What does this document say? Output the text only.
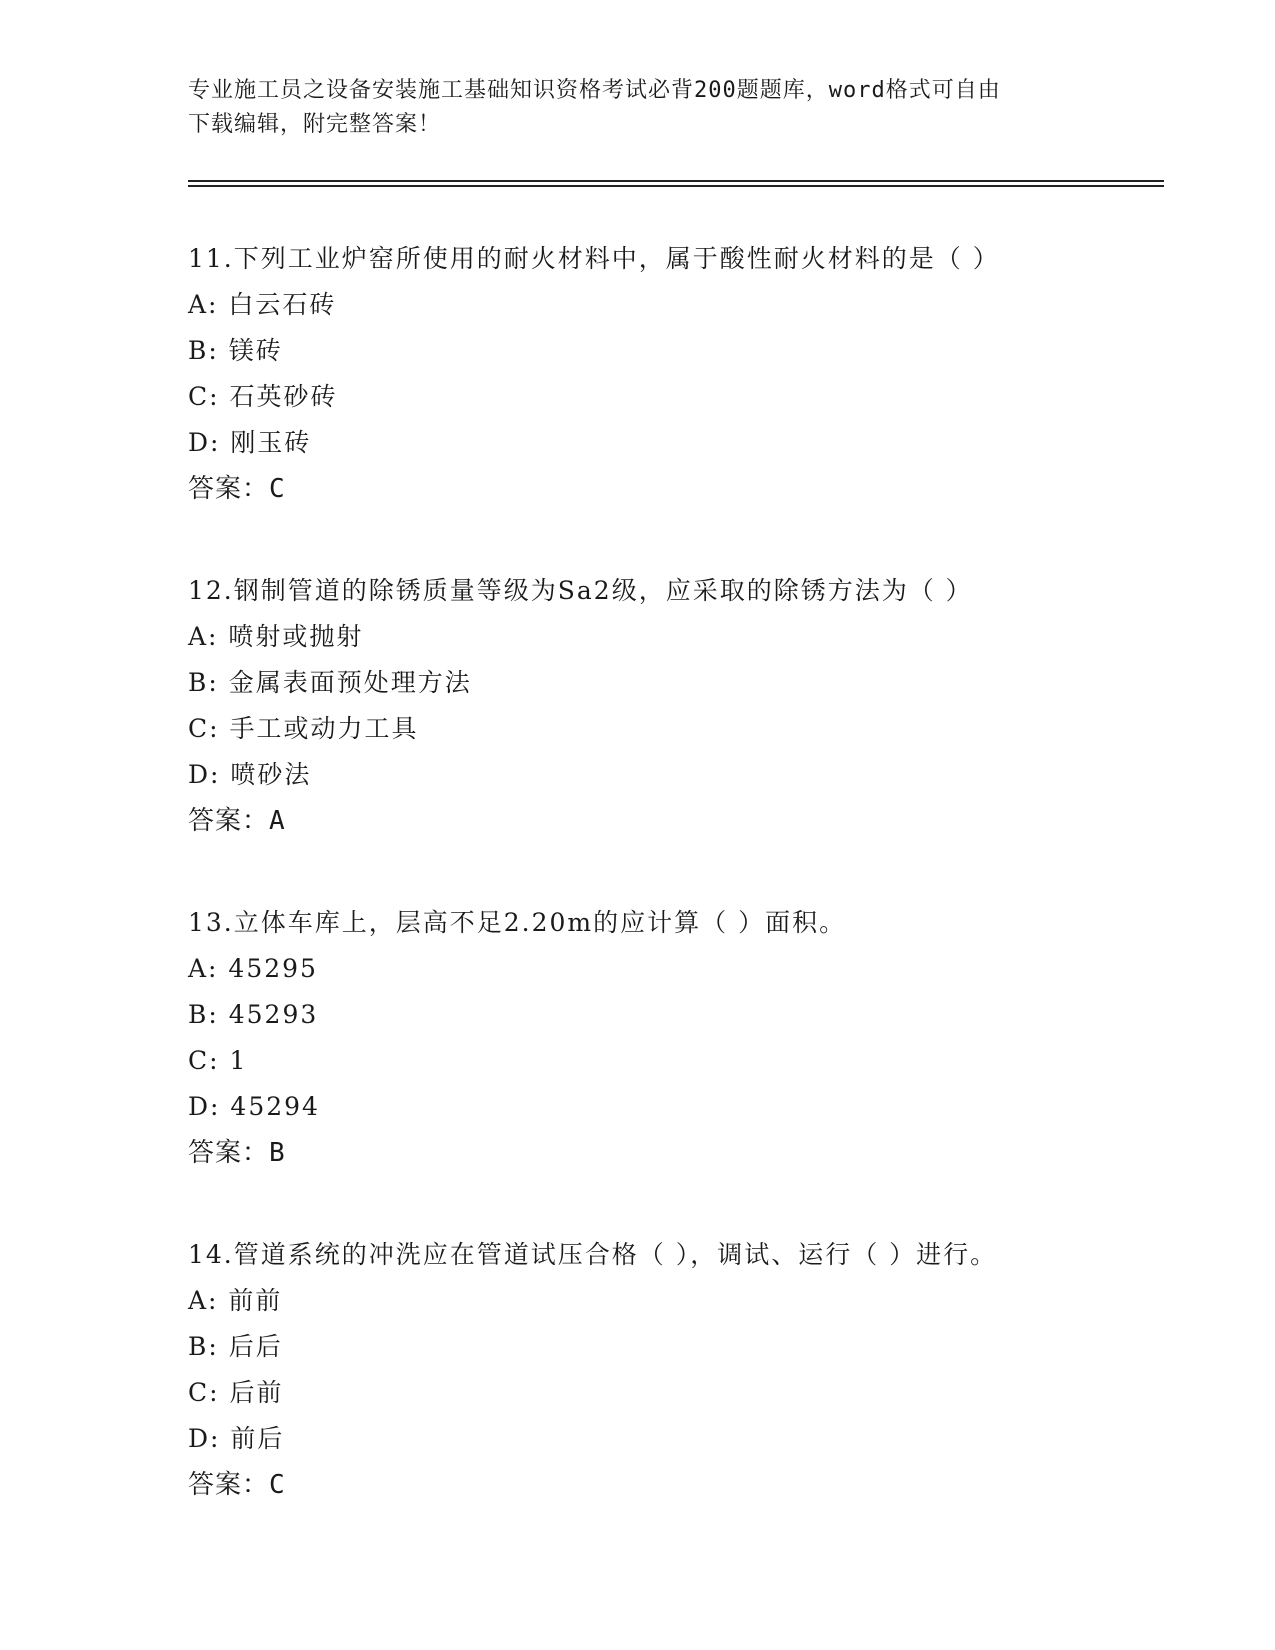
专业施工员之设备安装施工基础知识资格考试必背200题题库，word格式可自由
下载编辑，附完整答案！
11.下列工业炉窑所使用的耐火材料中，属于酸性耐火材料的是（ ）
A: 白云石砖
B: 镁砖
C: 石英砂砖
D: 刚玉砖
答案：C
12.钢制管道的除锈质量等级为Sa2级，应采取的除锈方法为（ ）
A: 喷射或抛射
B: 金属表面预处理方法
C: 手工或动力工具
D: 喷砂法
答案：A
13.立体车库上，层高不足2.20m的应计算（ ）面积。
A: 45295
B: 45293
C: 1
D: 45294
答案：B
14.管道系统的冲洗应在管道试压合格（ ），调试、运行（ ）进行。
A: 前前
B: 后后
C: 后前
D: 前后
答案：C
